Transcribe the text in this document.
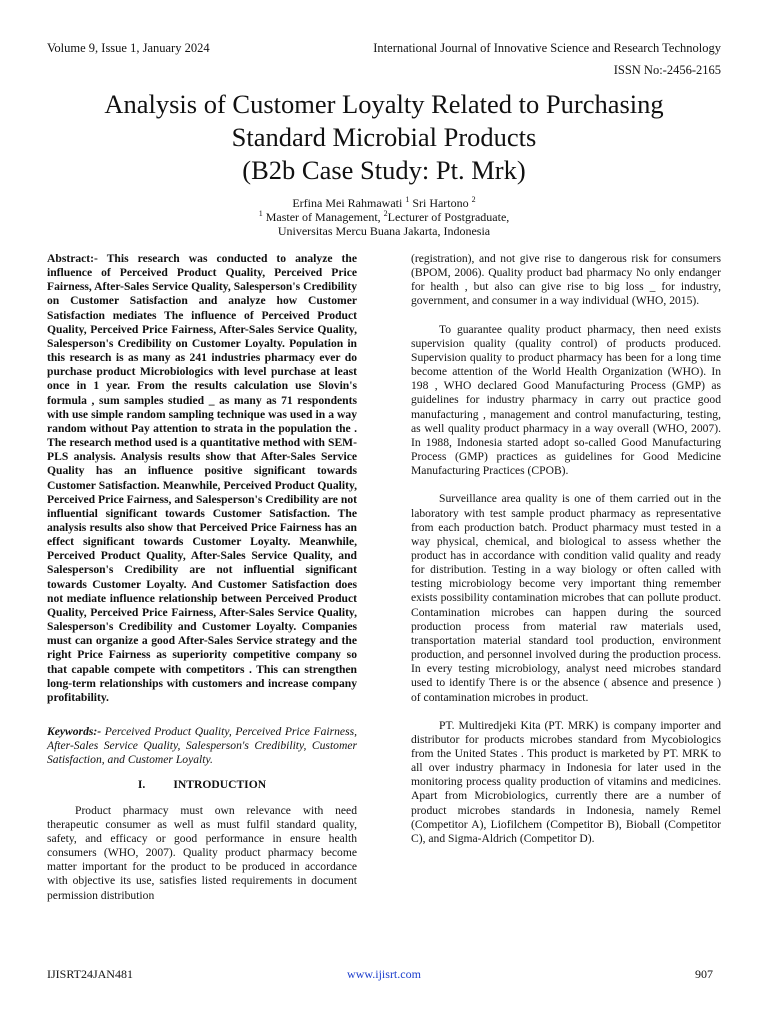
Volume 9, Issue 1, January 2024	International Journal of Innovative Science and Research Technology
ISSN No:-2456-2165
Analysis of Customer Loyalty Related to Purchasing
Standard Microbial Products
(B2b Case Study: Pt. Mrk)
Erfina Mei Rahmawati $^1$ Sri Hartono $^2$
$^1$ Master of Management, $^2$Lecturer of Postgraduate,
Universitas Mercu Buana Jakarta, Indonesia

Abstract:- This research was conducted to analyze the influence of Perceived Product Quality, Perceived Price Fairness, After-Sales Service Quality, Salesperson's Credibility on Customer Satisfaction and analyze how Customer Satisfaction mediates The influence of Perceived Product Quality, Perceived Price Fairness, After-Sales Service Quality, Salesperson's Credibility on Customer Loyalty. Population in this research is as many as 241 industries pharmacy ever do purchase product Microbiologics with level purchase at least once in 1 year. From the results calculation use Slovin's formula , sum samples studied _ as many as 71 respondents with use simple random sampling technique was used in a way random without Pay attention to strata in the population the . The research method used is a quantitative method with SEM-PLS analysis. Analysis results show that After-Sales Service Quality has an influence positive significant towards Customer Satisfaction. Meanwhile, Perceived Product Quality, Perceived Price Fairness, and Salesperson's Credibility are not influential significant towards Customer Satisfaction. The analysis results also show that Perceived Price Fairness has an effect significant towards Customer Loyalty. Meanwhile, Perceived Product Quality, After-Sales Service Quality, and Salesperson's Credibility are not influential significant towards Customer Loyalty. And Customer Satisfaction does not mediate influence relationship between Perceived Product Quality, Perceived Price Fairness, After-Sales Service Quality, Salesperson's Credibility and Customer Loyalty. Companies must can organize a good After-Sales Service strategy and the right Price Fairness as superiority competitive company so that capable compete with competitors . This can strengthen long-term relationships with customers and increase company profitability.

Keywords:- Perceived Product Quality, Perceived Price Fairness, After-Sales Service Quality, Salesperson's Credibility, Customer Satisfaction, and Customer Loyalty.

I. INTRODUCTION

Product pharmacy must own relevance with need therapeutic consumer as well as must fulfil standard quality, safety, and efficacy or good performance in ensure health consumers (WHO, 2007). Quality product pharmacy become matter important for the product to be produced in accordance with objective its use, satisfies listed requirements in document permission distribution

(registration), and not give rise to dangerous risk for consumers (BPOM, 2006). Quality product bad pharmacy No only endanger for health , but also can give rise to big loss _ for industry, government, and consumer in a way individual (WHO, 2015).

To guarantee quality product pharmacy, then need exists supervision quality (quality control) of products produced. Supervision quality to product pharmacy has been for a long time become attention of the World Health Organization (WHO). In 198 , WHO declared Good Manufacturing Process (GMP) as guidelines for industry pharmacy in carry out practice good manufacturing , management and control manufacturing, testing, as well quality product pharmacy in a way overall (WHO, 2007). In 1988, Indonesia started adopt so-called Good Manufacturing Process (GMP) practices as guidelines for Good Medicine Manufacturing Practices (CPOB).

Surveillance area quality is one of them carried out in the laboratory with test sample product pharmacy as representative from each production batch. Product pharmacy must tested in a way physical, chemical, and biological to assess whether the product has in accordance with condition valid quality and ready for distribution. Testing in a way biology or often called with testing microbiology become very important thing remember exists possibility contamination microbes that can pollute product. Contamination microbes can happen during the sourced production process from material raw materials used, transportation material standard tool production, environment production, and personnel involved during the production process. In every testing microbiology, analyst need microbes standard used to identify There is or the absence ( absence and presence ) of contamination microbes in product.

PT. Multiredjeki Kita (PT. MRK) is company importer and distributor for products microbes standard from Mycobiologics from the United States . This product is marketed by PT. MRK to all over industry pharmacy in Indonesia for later used in the monitoring process quality production of vitamins and medicines. Apart from Microbiologics, currently there are a number of product microbes standards in Indonesia, namely Remel (Competitor A), Liofilchem (Competitor B), Bioball (Competitor C), and Sigma-Aldrich (Competitor D).

IJISRT24JAN481	www.ijisrt.com	907
